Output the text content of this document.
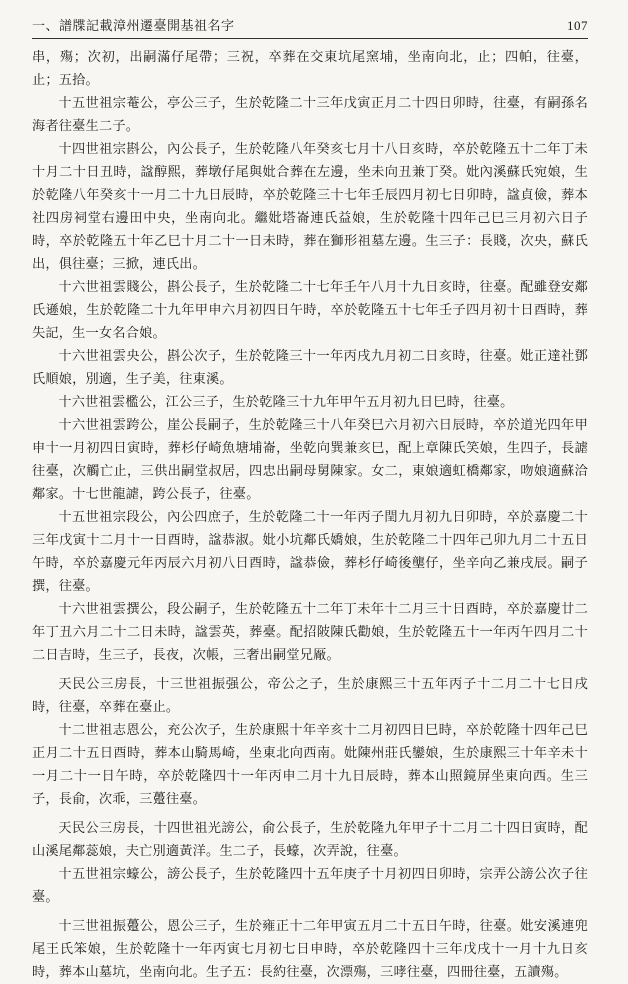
一、譜牒記載漳州遷臺開基祖名字	107

串，殤；次初，出嗣滿仔尾帶；三祝，卒葬在交東坑尾窯埔，坐南向北，止；四帕，往臺，止；五拾。

十五世祖宗菴公，亭公三子，生於乾隆二十三年戊寅正月二十四日卯時，往臺，有嗣孫名海者往臺生二子。

十四世祖宗斟公，內公長子，生於乾隆八年癸亥七月十八日亥時，卒於乾隆五十二年丁未十月二十日丑時，諡醇熙，葬墩仔尾與妣合葬在左邊，坐未向丑兼丁癸。妣內溪蘇氏宛娘，生於乾隆八年癸亥十一月二十九日辰時，卒於乾隆三十七年壬辰四月初七日卯時，諡貞儉，葬本社四房祠堂右邊田中央，坐南向北。繼妣塔崙連氏益娘，生於乾隆十四年己巳三月初六日子時，卒於乾隆五十年乙巳十月二十一日未時，葬在獅形祖墓左邊。生三子：長賤，次央，蘇氏出，俱往臺；三掀，連氏出。

十六世祖雲賤公，斟公長子，生於乾隆二十七年壬午八月十九日亥時，往臺。配雖登安鄰氏遜娘，生於乾隆二十九年甲申六月初四日午時，卒於乾隆五十七年壬子四月初十日酉時，葬失記，生一女名合娘。

十六世祖雲央公，斟公次子，生於乾隆三十一年丙戌九月初二日亥時，往臺。妣正達社鄧氏順娘，別適，生子美，往東溪。

十六世祖雲檻公，江公三子，生於乾隆三十九年甲午五月初九日巳時，往臺。

十六世祖雲跨公，崖公長嗣子，生於乾隆三十八年癸巳六月初六日辰時，卒於道光四年甲申十一月初四日寅時，葬杉仔崎魚塘埔崙，坐乾向巽兼亥巳，配上章陳氏笑娘，生四子，長謔往臺，次觸亡止，三供出嗣堂叔居，四忠出嗣母舅陳家。女二，東娘適虹橋鄰家，吻娘適蘇洽鄰家。十七世龍謔，跨公長子，往臺。

十五世祖宗段公，內公四庶子，生於乾隆二十一年丙子閏九月初九日卯時，卒於嘉慶二十三年戊寅十二月十一日酉時，諡恭淑。妣小坑鄰氏嬌娘，生於乾隆二十四年己卯九月二十五日午時，卒於嘉慶元年丙辰六月初八日酉時，諡恭儉，葬杉仔崎後壟仔，坐辛向乙兼戌辰。嗣子撰，往臺。

十六世祖雲撰公，段公嗣子，生於乾隆五十二年丁未年十二月三十日酉時，卒於嘉慶廿二年丁丑六月二十二日未時，諡雲英，葬臺。配招陂陳氏勸娘，生於乾隆五十一年丙午四月二十二日吉時，生三子，長夜，次帳，三奢出嗣堂兄厰。

天民公三房長，十三世祖振强公，帝公之子，生於康熙三十五年丙子十二月二十七日戌時，往臺，卒葬在臺止。

十二世祖志恩公，充公次子，生於康熙十年辛亥十二月初四日巳時，卒於乾隆十四年己巳正月二十五日酉時，葬本山騎馬崎，坐東北向西南。妣陳州莊氏鑾娘，生於康熙三十年辛未十一月二十一日午時，卒於乾隆四十一年丙申二月十九日辰時，葬本山照鏡屏坐東向西。生三子，長俞，次乖，三躉往臺。

天民公三房長，十四世祖光謗公，俞公長子，生於乾隆九年甲子十二月二十四日寅時，配山溪尾鄰蕊娘，夫亡別適黃洋。生二子，長蠔，次弄說，往臺。

十五世祖宗蠔公，謗公長子，生於乾隆四十五年庚子十月初四日卯時，宗弄公謗公次子往臺。

十三世祖振躉公，恩公三子，生於雍正十二年甲寅五月二十五日午時，往臺。妣安溪連兜尾王氏笨娘，生於乾隆十一年丙寅七月初七日申時，卒於乾隆四十三年戊戌十一月十九日亥時，葬本山墓坑，坐南向北。生子五：長約往臺，次漂殤，三哮往臺，四冊往臺，五讀殤。
